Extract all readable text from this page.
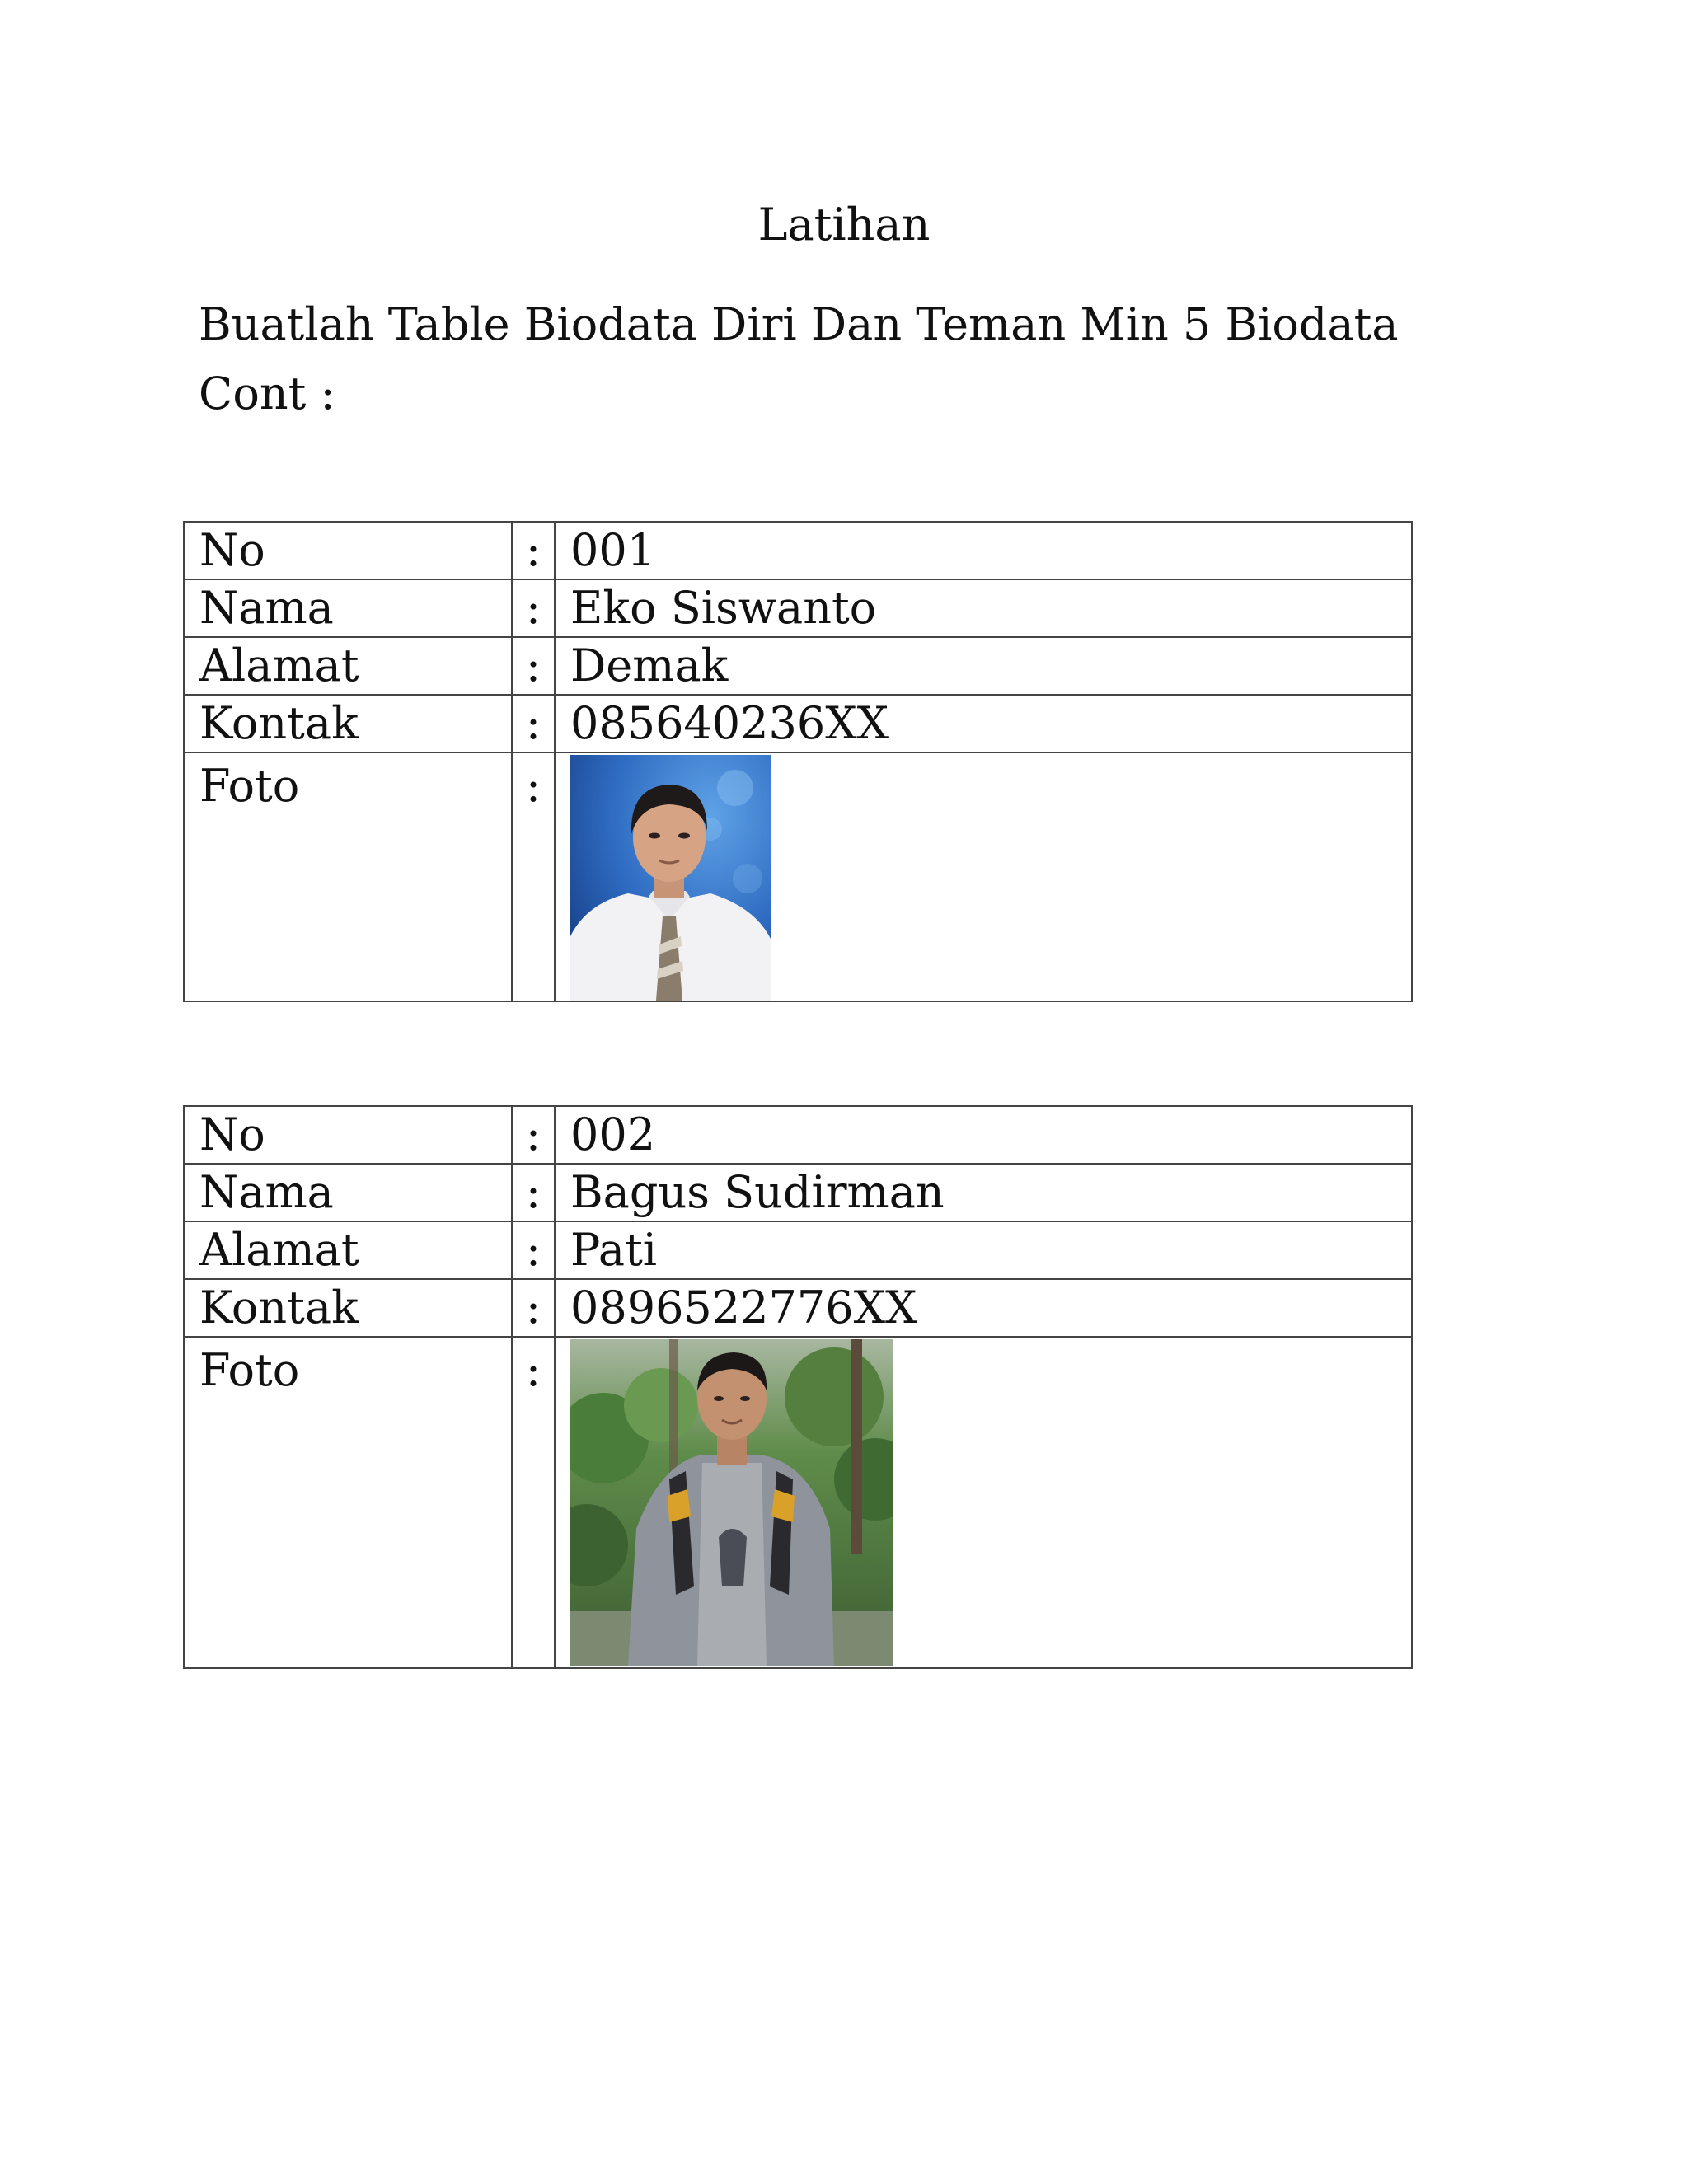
Latihan
Buatlah Table Biodata Diri Dan Teman Min 5 Biodata
Cont :
No	:	001
Nama	:	Eko Siswanto
Alamat	:	Demak
Kontak	:	085640236XX
Foto	:	
No	:	002
Nama	:	Bagus Sudirman
Alamat	:	Pati
Kontak	:	0896522776XX
Foto	:	
